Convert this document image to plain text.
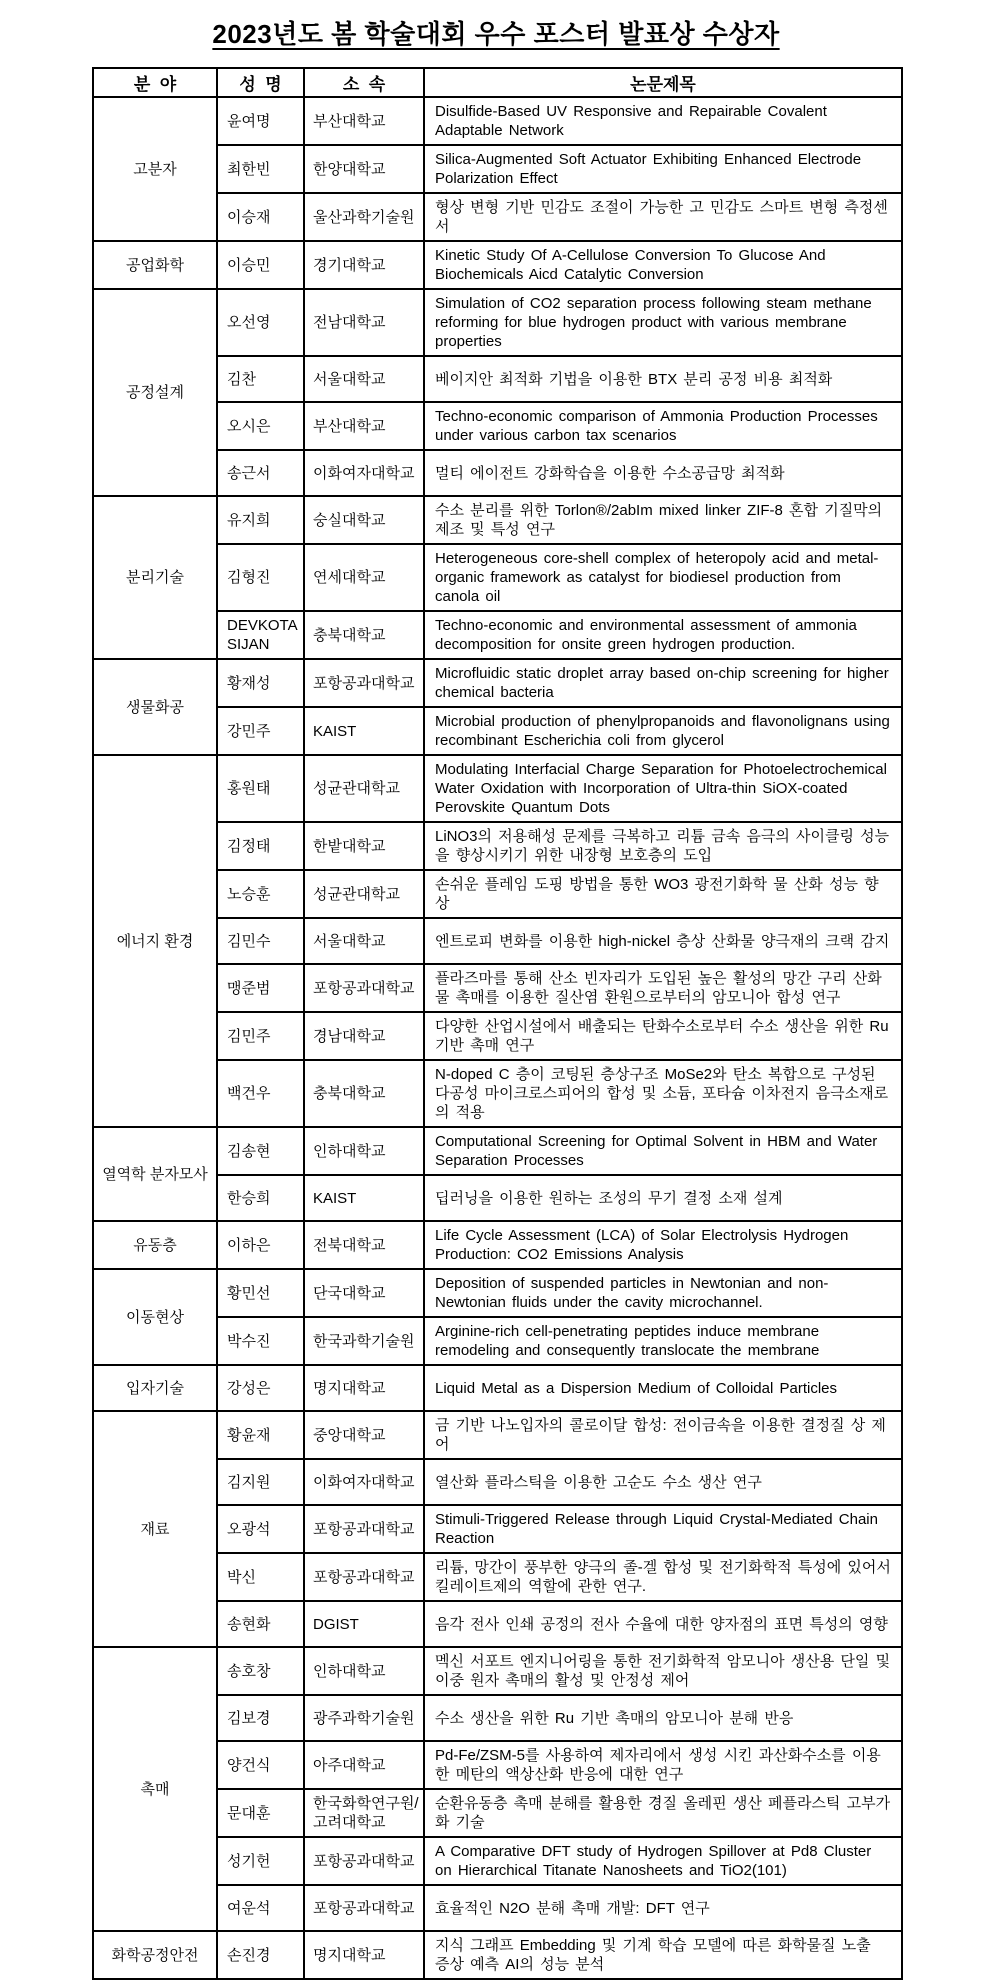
2023년도 봄 학술대회 우수 포스터 발표상 수상자
분  야	성  명	소  속	논문제목
고분자	윤여명	부산대학교	Disulfide-Based UV Responsive and Repairable Covalent Adaptable Network
	최한빈	한양대학교	Silica-Augmented Soft Actuator Exhibiting Enhanced Electrode Polarization Effect
	이승재	울산과학기술원	형상 변형 기반 민감도 조절이 가능한 고 민감도 스마트 변형 측정센서
공업화학	이승민	경기대학교	Kinetic Study Of A-Cellulose Conversion To Glucose And Biochemicals Aicd Catalytic Conversion
공정설계	오선영	전남대학교	Simulation of CO2 separation process following steam methane reforming for blue hydrogen product with various membrane properties
	김찬	서울대학교	베이지안 최적화 기법을 이용한 BTX 분리 공정 비용 최적화
	오시은	부산대학교	Techno-economic comparison of Ammonia Production Processes under various carbon tax scenarios
	송근서	이화여자대학교	멀티 에이전트 강화학습을 이용한 수소공급망 최적화
분리기술	유지희	숭실대학교	수소 분리를 위한 Torlon®/2abIm mixed linker ZIF-8 혼합 기질막의 제조 및 특성 연구
	김형진	연세대학교	Heterogeneous core-shell complex of heteropoly acid and metal-organic framework as catalyst for biodiesel production from canola oil
	DEVKOTA SIJAN	충북대학교	Techno-economic and environmental assessment of ammonia decomposition for onsite green hydrogen production.
생물화공	황재성	포항공과대학교	Microfluidic static droplet array based on-chip screening for higher chemical bacteria
	강민주	KAIST	Microbial production of phenylpropanoids and flavonolignans using recombinant Escherichia coli from glycerol
에너지 환경	홍원태	성균관대학교	Modulating Interfacial Charge Separation for Photoelectrochemical Water Oxidation with Incorporation of Ultra-thin SiOX-coated Perovskite Quantum Dots
	김정태	한밭대학교	LiNO3의 저용해성 문제를 극복하고 리튬 금속 음극의 사이클링 성능을 향상시키기 위한 내장형 보호층의 도입
	노승훈	성균관대학교	손쉬운 플레임 도핑 방법을 통한 WO3 광전기화학 물 산화 성능 향상
	김민수	서울대학교	엔트로피 변화를 이용한 high-nickel 층상 산화물 양극재의 크랙 감지
	맹준범	포항공과대학교	플라즈마를 통해 산소 빈자리가 도입된 높은 활성의 망간 구리 산화물 촉매를 이용한 질산염 환원으로부터의 암모니아 합성 연구
	김민주	경남대학교	다양한 산업시설에서 배출되는 탄화수소로부터 수소 생산을 위한 Ru 기반 촉매 연구
	백건우	충북대학교	N-doped C 층이 코팅된 층상구조 MoSe2와 탄소 복합으로 구성된 다공성 마이크로스피어의 합성 및 소듐, 포타슘 이차전지 음극소재로의 적용
열역학 분자모사	김송현	인하대학교	Computational Screening for Optimal Solvent in HBM and Water Separation Processes
	한승희	KAIST	딥러닝을 이용한 원하는 조성의 무기 결정 소재 설계
유동층	이하은	전북대학교	Life Cycle Assessment (LCA) of Solar Electrolysis Hydrogen Production: CO2 Emissions Analysis
이동현상	황민선	단국대학교	Deposition of suspended particles in Newtonian and non-Newtonian fluids under the cavity microchannel.
	박수진	한국과학기술원	Arginine-rich cell-penetrating peptides induce membrane remodeling and consequently translocate the membrane
입자기술	강성은	명지대학교	Liquid Metal as a Dispersion Medium of Colloidal Particles
재료	황윤재	중앙대학교	금 기반 나노입자의 콜로이달 합성: 전이금속을 이용한 결정질 상 제어
	김지원	이화여자대학교	열산화 플라스틱을 이용한 고순도 수소 생산 연구
	오광석	포항공과대학교	Stimuli-Triggered Release through Liquid Crystal-Mediated Chain Reaction
	박신	포항공과대학교	리튬, 망간이 풍부한 양극의 졸-겔 합성 및 전기화학적 특성에 있어서 킬레이트제의 역할에 관한 연구.
	송현화	DGIST	음각 전사 인쇄 공정의 전사 수율에 대한 양자점의 표면 특성의 영향
촉매	송호창	인하대학교	멕신 서포트 엔지니어링을 통한 전기화학적 암모니아 생산용 단일 및 이중 원자 촉매의 활성 및 안정성 제어
	김보경	광주과학기술원	수소 생산을 위한 Ru 기반 촉매의 암모니아 분해 반응
	양건식	아주대학교	Pd-Fe/ZSM-5를 사용하여 제자리에서 생성 시킨 과산화수소를 이용한 메탄의 액상산화 반응에 대한 연구
	문대훈	한국화학연구원/고려대학교	순환유동층 촉매 분해를 활용한 경질 올레핀 생산 페플라스틱 고부가화 기술
	성기헌	포항공과대학교	A Comparative DFT study of Hydrogen Spillover at Pd8 Cluster on Hierarchical Titanate Nanosheets and TiO2(101)
	여운석	포항공과대학교	효율적인 N2O 분해 촉매 개발: DFT 연구
화학공정안전	손진경	명지대학교	지식 그래프 Embedding 및 기계 학습 모델에 따른 화학물질 노출 증상 예측 AI의 성능 분석
